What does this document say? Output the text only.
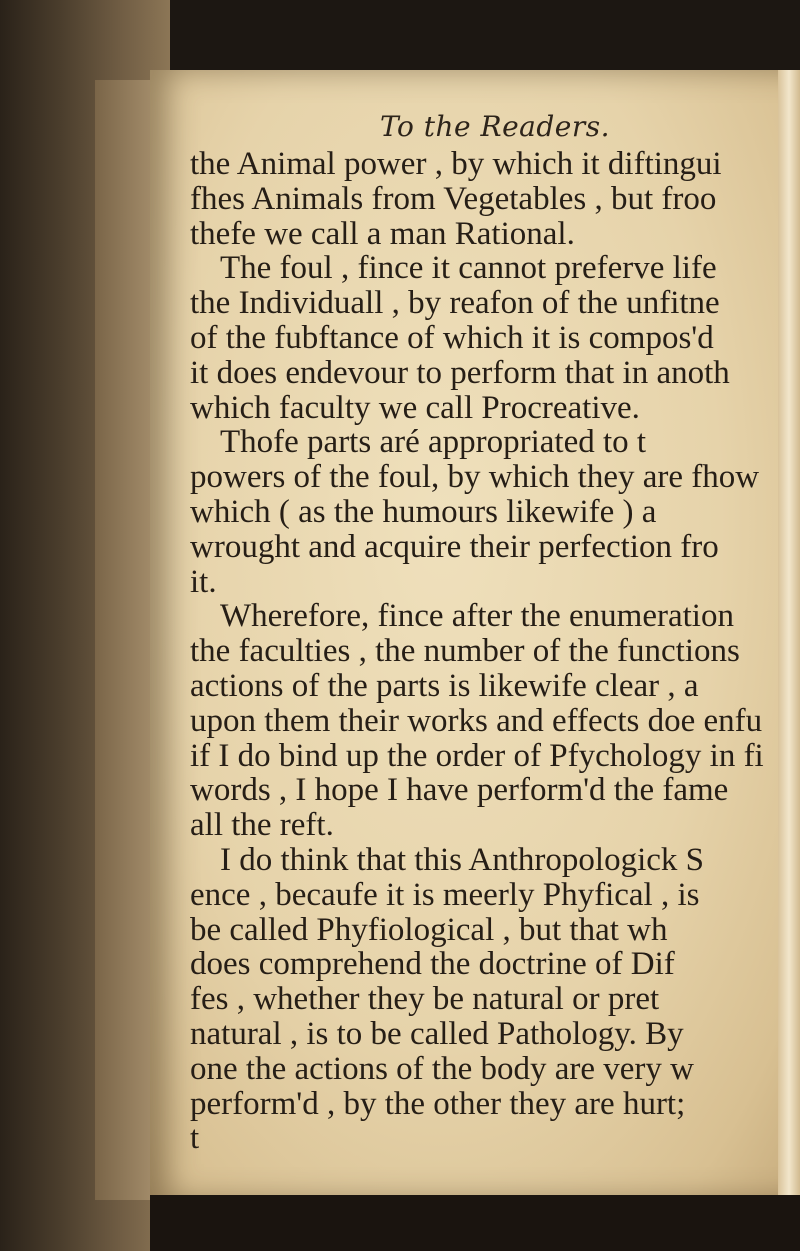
To the Readers.
the Animal power , by which it diftingui
fhes Animals from Vegetables , but froo
thefe we call a man Rational.
The foul , fince it cannot preferve life
the Individuall , by reafon of the unfitne
of the fubftance of which it is compos'd
it does endevour to perform that in anoth
which faculty we call Procreative.
Thofe parts aré appropriated to t
powers of the foul, by which they are fhow
which ( as the humours likewife ) a
wrought and acquire their perfection fro
it.
Wherefore, fince after the enumeration
the faculties , the number of the functions
actions of the parts is likewife clear , a
upon them their works and effects doe enfu
if I do bind up the order of Pfychology in fi
words , I hope I have perform'd the fame
all the reft.
I do think that this Anthropologick S
ence , becaufe it is meerly Phyfical , is
be called Phyfiological , but that wh
does comprehend the doctrine of Dif
fes , whether they be natural or pret
natural , is to be called Pathology. By
one the actions of the body are very w
perform'd , by the other they are hurt;
t
